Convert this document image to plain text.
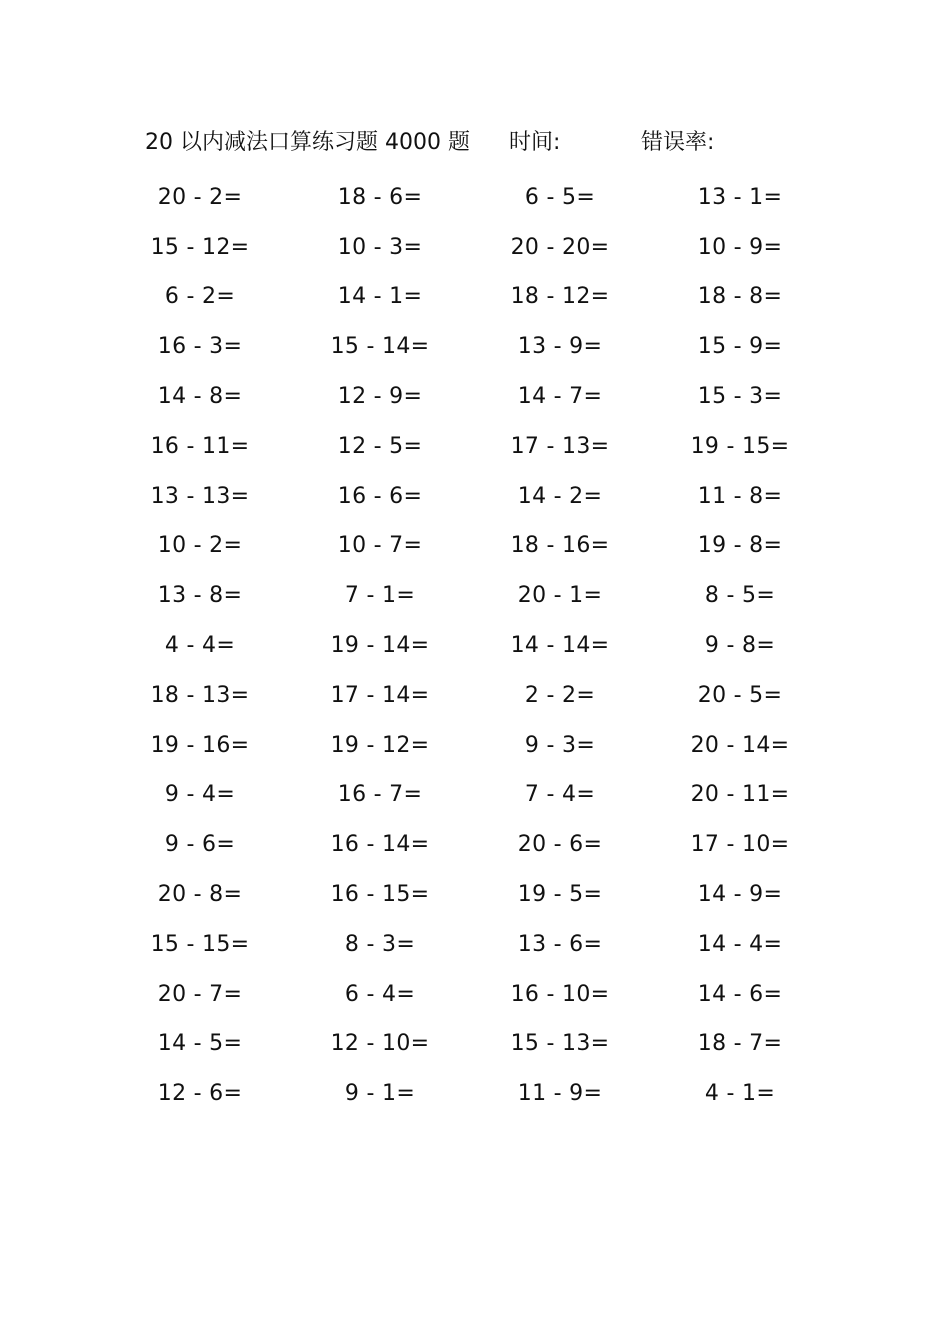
20 以内减法口算练习题 4000 题 时间:	错误率:
20 - 2=	18 - 6=	6 - 5=	13 - 1=
15 - 12=	10 - 3=	20 - 20=	10 - 9=
6 - 2=	14 - 1=	18 - 12=	18 - 8=
16 - 3=	15 - 14=	13 - 9=	15 - 9=
14 - 8=	12 - 9=	14 - 7=	15 - 3=
16 - 11=	12 - 5=	17 - 13=	19 - 15=
13 - 13=	16 - 6=	14 - 2=	11 - 8=
10 - 2=	10 - 7=	18 - 16=	19 - 8=
13 - 8=	7 - 1=	20 - 1=	8 - 5=
4 - 4=	19 - 14=	14 - 14=	9 - 8=
18 - 13=	17 - 14=	2 - 2=	20 - 5=
19 - 16=	19 - 12=	9 - 3=	20 - 14=
9 - 4=	16 - 7=	7 - 4=	20 - 11=
9 - 6=	16 - 14=	20 - 6=	17 - 10=
20 - 8=	16 - 15=	19 - 5=	14 - 9=
15 - 15=	8 - 3=	13 - 6=	14 - 4=
20 - 7=	6 - 4=	16 - 10=	14 - 6=
14 - 5=	12 - 10=	15 - 13=	18 - 7=
12 - 6=	9 - 1=	11 - 9=	4 - 1=
